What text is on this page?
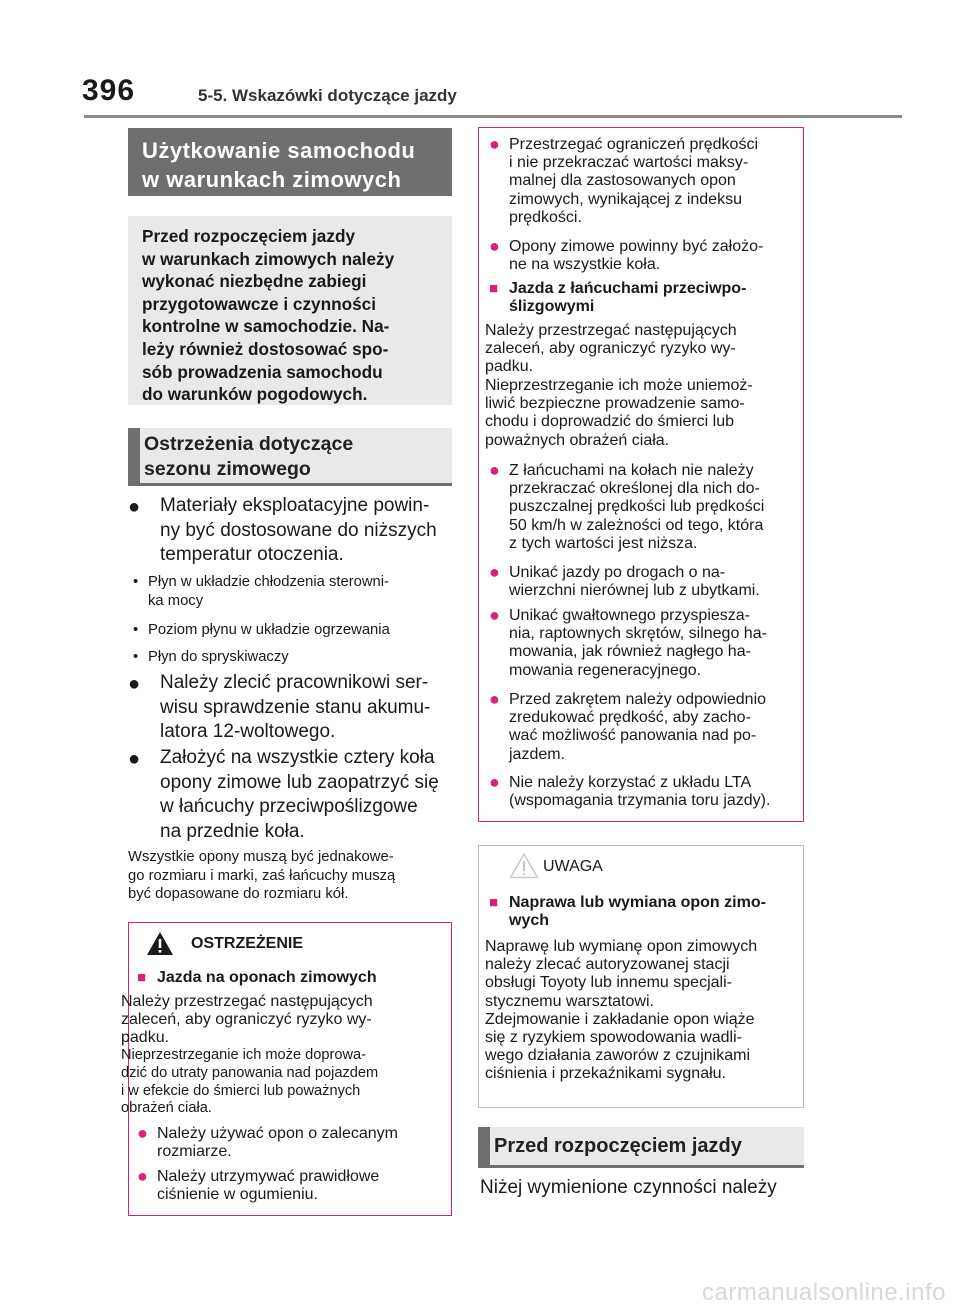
396	5-5. Wskazówki dotyczące jazdy
Użytkowanie samochodu
w warunkach zimowych
Przed rozpoczęciem jazdy
w warunkach zimowych należy
wykonać niezbędne zabiegi
przygotowawcze i czynności
kontrolne w samochodzie. Na-
leży również dostosować spo-
sób prowadzenia samochodu
do warunków pogodowych.
Ostrzeżenia dotyczące
sezonu zimowego
● Materiały eksploatacyjne powin-
ny być dostosowane do niższych
temperatur otoczenia.
• Płyn w układzie chłodzenia sterowni-
ka mocy
• Poziom płynu w układzie ogrzewania
• Płyn do spryskiwaczy
● Należy zlecić pracownikowi ser-
wisu sprawdzenie stanu akumu-
latora 12-woltowego.
● Założyć na wszystkie cztery koła
opony zimowe lub zaopatrzyć się
w łańcuchy przeciwpoślizgowe
na przednie koła.
Wszystkie opony muszą być jednakowe-
go rozmiaru i marki, zaś łańcuchy muszą
być dopasowane do rozmiaru kół.
OSTRZEŻENIE
■ Jazda na oponach zimowych
Należy przestrzegać następujących
zaleceń, aby ograniczyć ryzyko wy-
padku.
Nieprzestrzeganie ich może doprowa-
dzić do utraty panowania nad pojazdem
i w efekcie do śmierci lub poważnych
obrażeń ciała.
● Należy używać opon o zalecanym
rozmiarze.
● Należy utrzymywać prawidłowe
ciśnienie w ogumieniu.
● Przestrzegać ograniczeń prędkości
i nie przekraczać wartości maksy-
malnej dla zastosowanych opon
zimowych, wynikającej z indeksu
prędkości.
● Opony zimowe powinny być założo-
ne na wszystkie koła.
■ Jazda z łańcuchami przeciwpo-
ślizgowymi
Należy przestrzegać następujących
zaleceń, aby ograniczyć ryzyko wy-
padku.
Nieprzestrzeganie ich może uniemoż-
liwić bezpieczne prowadzenie samo-
chodu i doprowadzić do śmierci lub
poważnych obrażeń ciała.
● Z łańcuchami na kołach nie należy
przekraczać określonej dla nich do-
puszczalnej prędkości lub prędkości
50 km/h w zależności od tego, która
z tych wartości jest niższa.
● Unikać jazdy po drogach o na-
wierzchni nierównej lub z ubytkami.
● Unikać gwałtownego przyspiesza-
nia, raptownych skrętów, silnego ha-
mowania, jak również nagłego ha-
mowania regeneracyjnego.
● Przed zakrętem należy odpowiednio
zredukować prędkość, aby zacho-
wać możliwość panowania nad po-
jazdem.
● Nie należy korzystać z układu LTA
(wspomagania trzymania toru jazdy).
UWAGA
■ Naprawa lub wymiana opon zimo-
wych
Naprawę lub wymianę opon zimowych
należy zlecać autoryzowanej stacji
obsługi Toyoty lub innemu specjali-
stycznemu warsztatowi.
Zdejmowanie i zakładanie opon wiąże
się z ryzykiem spowodowania wadli-
wego działania zaworów z czujnikami
ciśnienia i przekaźnikami sygnału.
Przed rozpoczęciem jazdy
Niżej wymienione czynności należy
carmanualsonline.info
